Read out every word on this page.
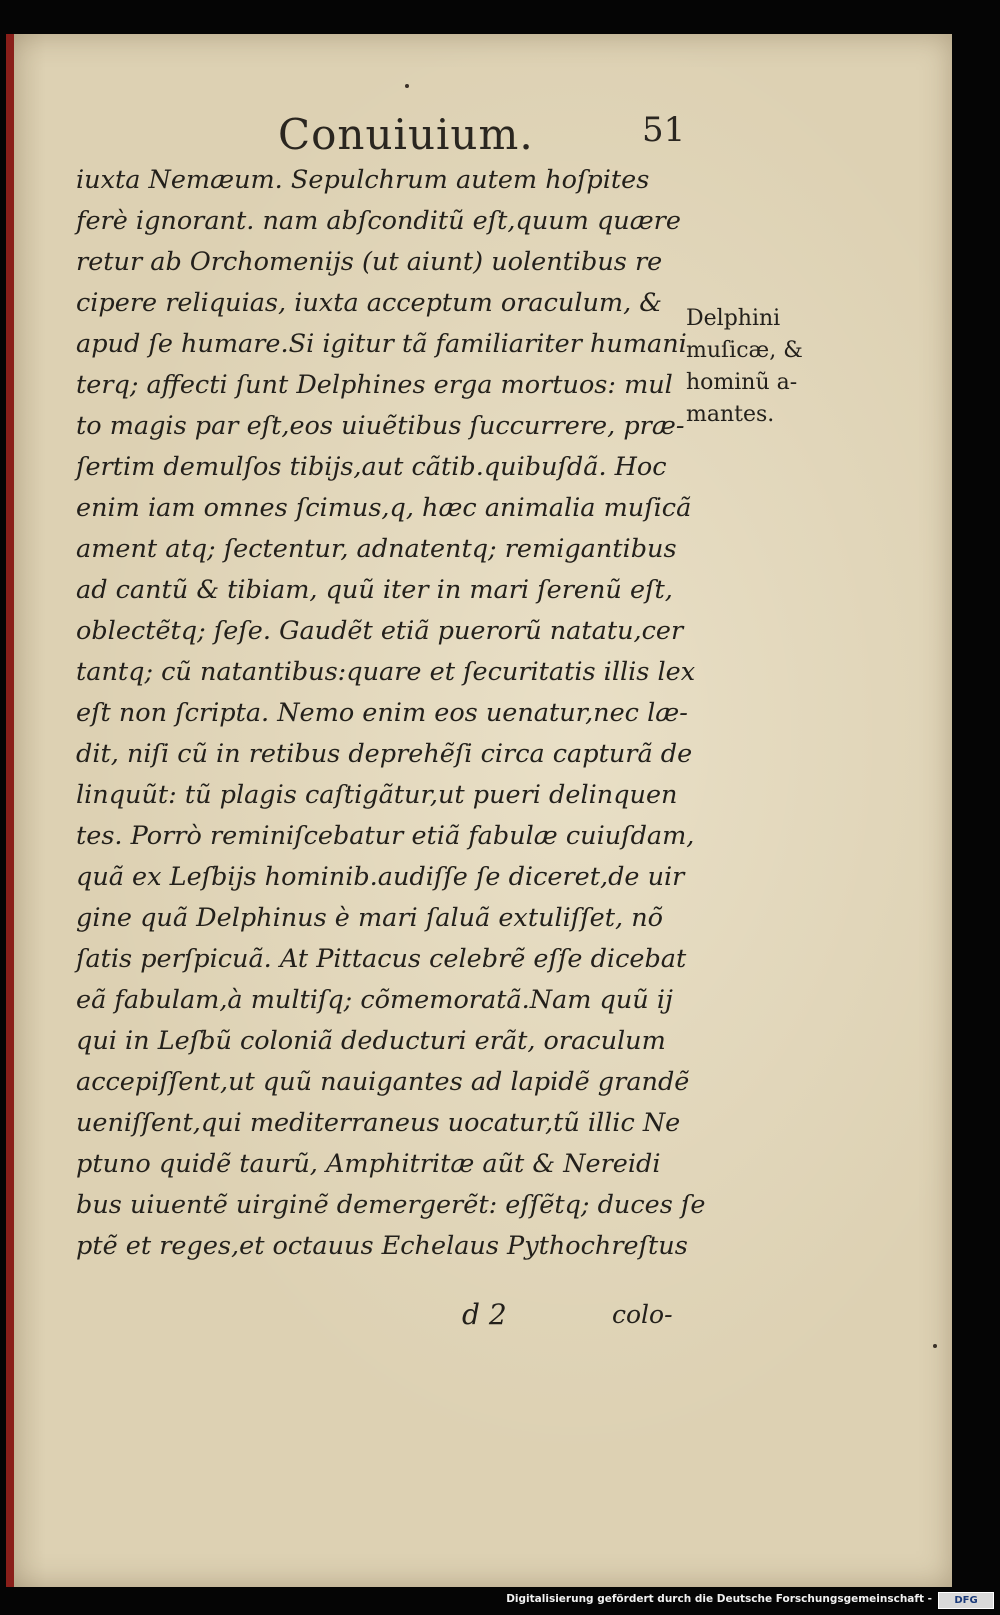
Conuiuium.	51
iuxta Nemæum. Sepulchrum autem hoſpites
ferè ignorant. nam abſconditũ eſt,quum quære
retur ab Orchomenijs (ut aiunt) uolentibus re
cipere reliquias, iuxta acceptum oraculum, &
apud ſe humare.Si igitur tã familiariter humani
terq; affecti ſunt Delphines erga mortuos: mul
to magis par eſt,eos uiuẽtibus ſuccurrere, præ-
ſertim demulſos tibijs,aut cãtib.quibuſdã. Hoc
enim iam omnes ſcimus,q, hæc animalia muſicã
ament atq; ſectentur, adnatentq; remigantibus
ad cantũ & tibiam, quũ iter in mari ſerenũ eſt,
oblectẽtq; ſeſe. Gaudẽt etiã puerorũ natatu,cer
tantq; cũ natantibus:quare et ſecuritatis illis lex
eſt non ſcripta. Nemo enim eos uenatur,nec læ-
dit, niſi cũ in retibus deprehẽſi circa capturã de
linquũt: tũ plagis caſtigãtur,ut pueri delinquen
tes. Porrò reminiſcebatur etiã fabulæ cuiuſdam,
quã ex Leſbijs hominib.audiſſe ſe diceret,de uir
gine quã Delphinus è mari ſaluã extuliſſet, nõ
ſatis perſpicuã. At Pittacus celebrẽ eſſe dicebat
eã fabulam,à multiſq; cõmemoratã.Nam quũ ij
qui in Leſbũ coloniã deducturi erãt, oraculum
accepiſſent,ut quũ nauigantes ad lapidẽ grandẽ
ueniſſent,qui mediterraneus uocatur,tũ illic Ne
ptuno quidẽ taurũ, Amphitritæ aũt & Nereidi
bus uiuentẽ uirginẽ demergerẽt: eſſẽtq; duces ſe
ptẽ et reges,et octauus Echelaus Pythochreſtus
Delphini
muſicæ, &
hominũ a-
mantes.
d 2	colo-
Digitalisierung gefördert durch die Deutsche Forschungsgemeinschaft -	DFG
